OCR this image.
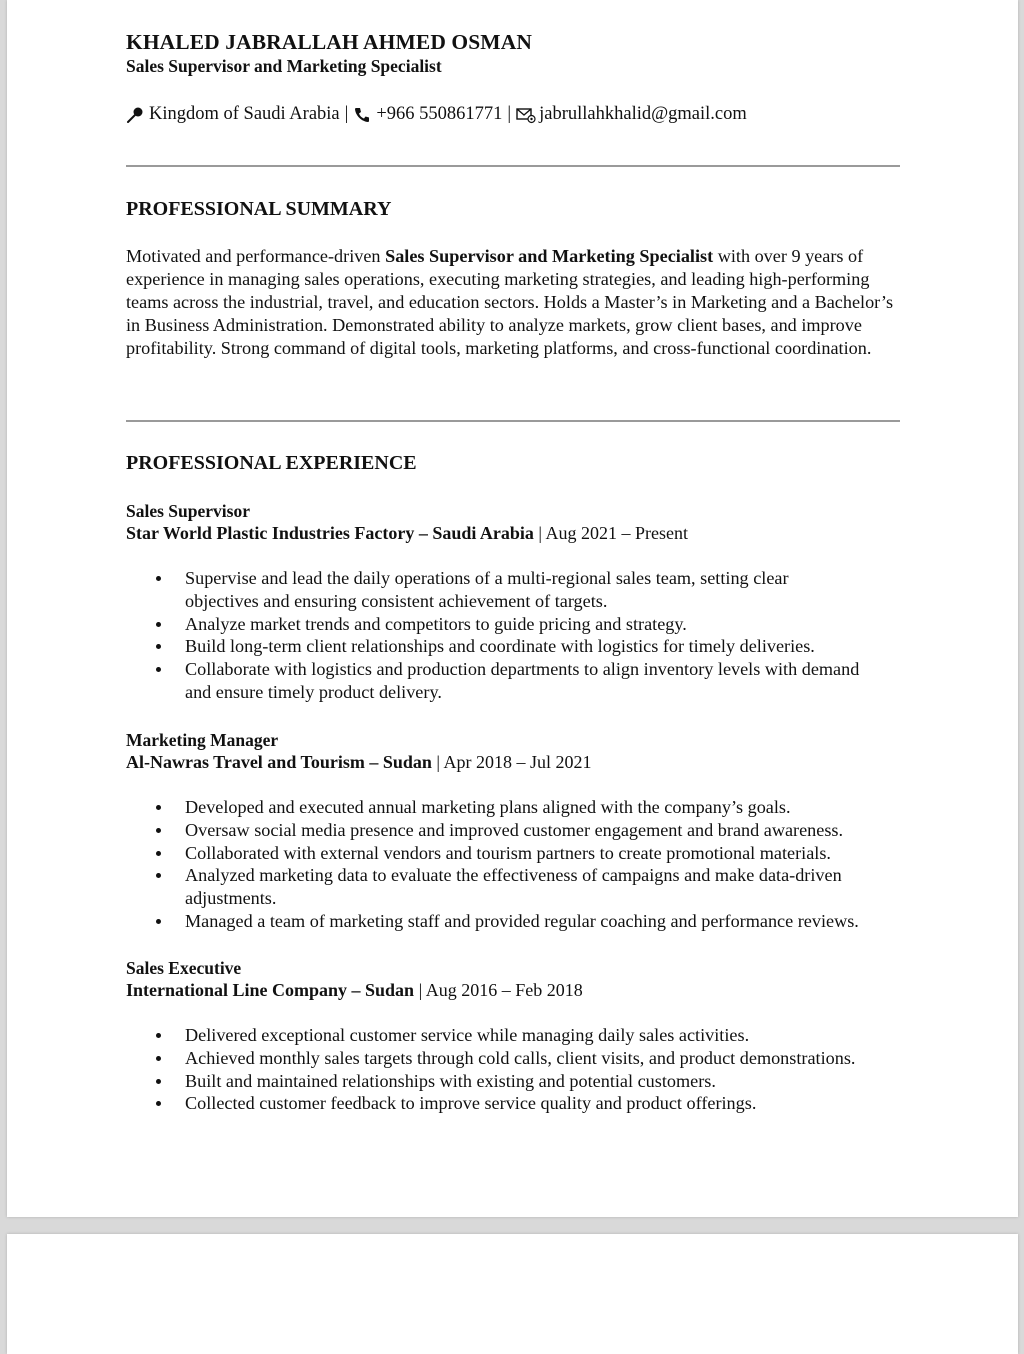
KHALED JABRALLAH AHMED OSMAN
Sales Supervisor and Marketing Specialist
Kingdom of Saudi Arabia | +966 550861771 | jabrullahkhalid@gmail.com
PROFESSIONAL SUMMARY
Motivated and performance-driven Sales Supervisor and Marketing Specialist with over 9 years of experience in managing sales operations, executing marketing strategies, and leading high-performing teams across the industrial, travel, and education sectors. Holds a Master’s in Marketing and a Bachelor’s in Business Administration. Demonstrated ability to analyze markets, grow client bases, and improve profitability. Strong command of digital tools, marketing platforms, and cross-functional coordination.
PROFESSIONAL EXPERIENCE
Sales Supervisor
Star World Plastic Industries Factory – Saudi Arabia | Aug 2021 – Present
Supervise and lead the daily operations of a multi-regional sales team, setting clear objectives and ensuring consistent achievement of targets.
Analyze market trends and competitors to guide pricing and strategy.
Build long-term client relationships and coordinate with logistics for timely deliveries.
Collaborate with logistics and production departments to align inventory levels with demand and ensure timely product delivery.
Marketing Manager
Al-Nawras Travel and Tourism – Sudan | Apr 2018 – Jul 2021
Developed and executed annual marketing plans aligned with the company’s goals.
Oversaw social media presence and improved customer engagement and brand awareness.
Collaborated with external vendors and tourism partners to create promotional materials.
Analyzed marketing data to evaluate the effectiveness of campaigns and make data-driven adjustments.
Managed a team of marketing staff and provided regular coaching and performance reviews.
Sales Executive
International Line Company – Sudan | Aug 2016 – Feb 2018
Delivered exceptional customer service while managing daily sales activities.
Achieved monthly sales targets through cold calls, client visits, and product demonstrations.
Built and maintained relationships with existing and potential customers.
Collected customer feedback to improve service quality and product offerings.
